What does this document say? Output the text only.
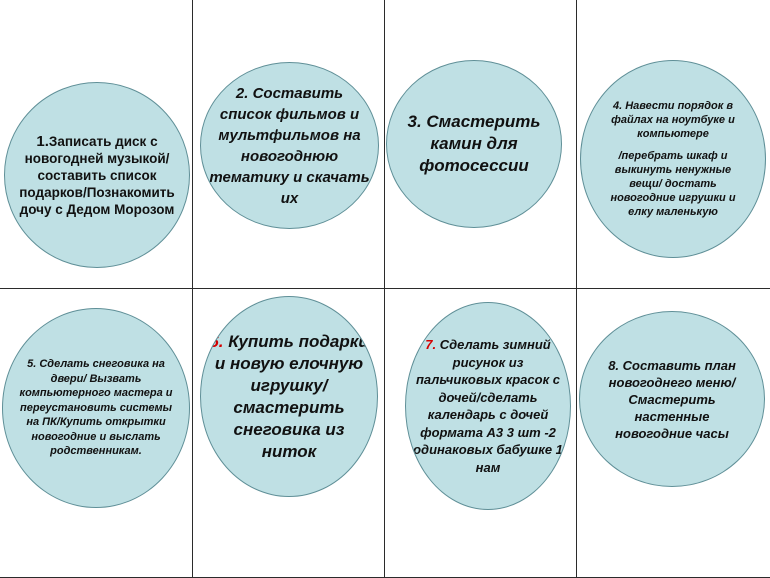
1.Записать диск с новогодней музыкой/составить список подарков/Познакомить дочу с Дедом Морозом
2. Составить список фильмов и мультфильмов на новогоднюю тематику и скачать их
3. Смастерить камин для фотосессии
4. Навести порядок в файлах на ноутбуке и компьютере
/перебрать шкаф и выкинуть ненужные вещи/ достать новогодние игрушки и елку маленькую
5. Сделать снеговика на двери/ Вызвать компьютерного мастера и переустановить системы на ПК/Купить открытки новогодние и выслать родственникам.
6. Купить подарки и новую елочную игрушку/ смастерить снеговика из ниток
7. Сделать зимний рисунок из пальчиковых красок с дочей/сделать календарь с дочей формата А3 3 шт -2 одинаковых бабушке 1 нам
8. Составить план новогоднего меню/ Смастерить настенные новогодние часы
